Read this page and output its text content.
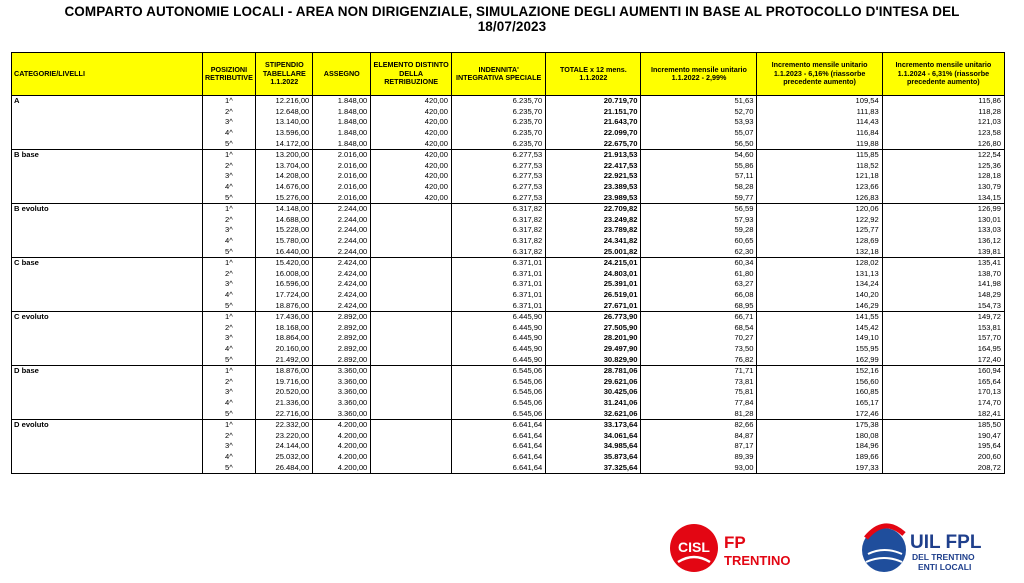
COMPARTO AUTONOMIE LOCALI - AREA NON DIRIGENZIALE, SIMULAZIONE DEGLI AUMENTI IN BASE AL PROTOCOLLO D'INTESA DEL
18/07/2023
CATEGORIE/LIVELLI	POSIZIONI RETRIBUTIVE	STIPENDIO TABELLARE 1.1.2022	ASSEGNO	ELEMENTO DISTINTO DELLA RETRIBUZIONE	INDENNITA' INTEGRATIVA SPECIALE	TOTALE x 12 mens. 1.1.2022	Incremento mensile unitario 1.1.2022 - 2,99%	Incremento mensile unitario 1.1.2023 - 6,16% (riassorbe precedente aumento)	Incremento mensile unitario 1.1.2024 - 6,31% (riassorbe precedente aumento)
A	1^	12.216,00	1.848,00	420,00	6.235,70	20.719,70	51,63	109,54	115,86
	2^	12.648,00	1.848,00	420,00	6.235,70	21.151,70	52,70	111,83	118,28
	3^	13.140,00	1.848,00	420,00	6.235,70	21.643,70	53,93	114,43	121,03
	4^	13.596,00	1.848,00	420,00	6.235,70	22.099,70	55,07	116,84	123,58
	5^	14.172,00	1.848,00	420,00	6.235,70	22.675,70	56,50	119,88	126,80
B base	1^	13.200,00	2.016,00	420,00	6.277,53	21.913,53	54,60	115,85	122,54
	2^	13.704,00	2.016,00	420,00	6.277,53	22.417,53	55,86	118,52	125,36
	3^	14.208,00	2.016,00	420,00	6.277,53	22.921,53	57,11	121,18	128,18
	4^	14.676,00	2.016,00	420,00	6.277,53	23.389,53	58,28	123,66	130,79
	5^	15.276,00	2.016,00	420,00	6.277,53	23.989,53	59,77	126,83	134,15
B evoluto	1^	14.148,00	2.244,00		6.317,82	22.709,82	56,59	120,06	126,99
	2^	14.688,00	2.244,00		6.317,82	23.249,82	57,93	122,92	130,01
	3^	15.228,00	2.244,00		6.317,82	23.789,82	59,28	125,77	133,03
	4^	15.780,00	2.244,00		6.317,82	24.341,82	60,65	128,69	136,12
	5^	16.440,00	2.244,00		6.317,82	25.001,82	62,30	132,18	139,81
C base	1^	15.420,00	2.424,00		6.371,01	24.215,01	60,34	128,02	135,41
	2^	16.008,00	2.424,00		6.371,01	24.803,01	61,80	131,13	138,70
	3^	16.596,00	2.424,00		6.371,01	25.391,01	63,27	134,24	141,98
	4^	17.724,00	2.424,00		6.371,01	26.519,01	66,08	140,20	148,29
	5^	18.876,00	2.424,00		6.371,01	27.671,01	68,95	146,29	154,73
C evoluto	1^	17.436,00	2.892,00		6.445,90	26.773,90	66,71	141,55	149,72
	2^	18.168,00	2.892,00		6.445,90	27.505,90	68,54	145,42	153,81
	3^	18.864,00	2.892,00		6.445,90	28.201,90	70,27	149,10	157,70
	4^	20.160,00	2.892,00		6.445,90	29.497,90	73,50	155,95	164,95
	5^	21.492,00	2.892,00		6.445,90	30.829,90	76,82	162,99	172,40
D base	1^	18.876,00	3.360,00		6.545,06	28.781,06	71,71	152,16	160,94
	2^	19.716,00	3.360,00		6.545,06	29.621,06	73,81	156,60	165,64
	3^	20.520,00	3.360,00		6.545,06	30.425,06	75,81	160,85	170,13
	4^	21.336,00	3.360,00		6.545,06	31.241,06	77,84	165,17	174,70
	5^	22.716,00	3.360,00		6.545,06	32.621,06	81,28	172,46	182,41
D evoluto	1^	22.332,00	4.200,00		6.641,64	33.173,64	82,66	175,38	185,50
	2^	23.220,00	4.200,00		6.641,64	34.061,64	84,87	180,08	190,47
	3^	24.144,00	4.200,00		6.641,64	34.985,64	87,17	184,96	195,64
	4^	25.032,00	4.200,00		6.641,64	35.873,64	89,39	189,66	200,60
	5^	26.484,00	4.200,00		6.641,64	37.325,64	93,00	197,33	208,72
CISL FP
TRENTINO
UIL FPL
DEL TRENTINO
ENTI LOCALI
